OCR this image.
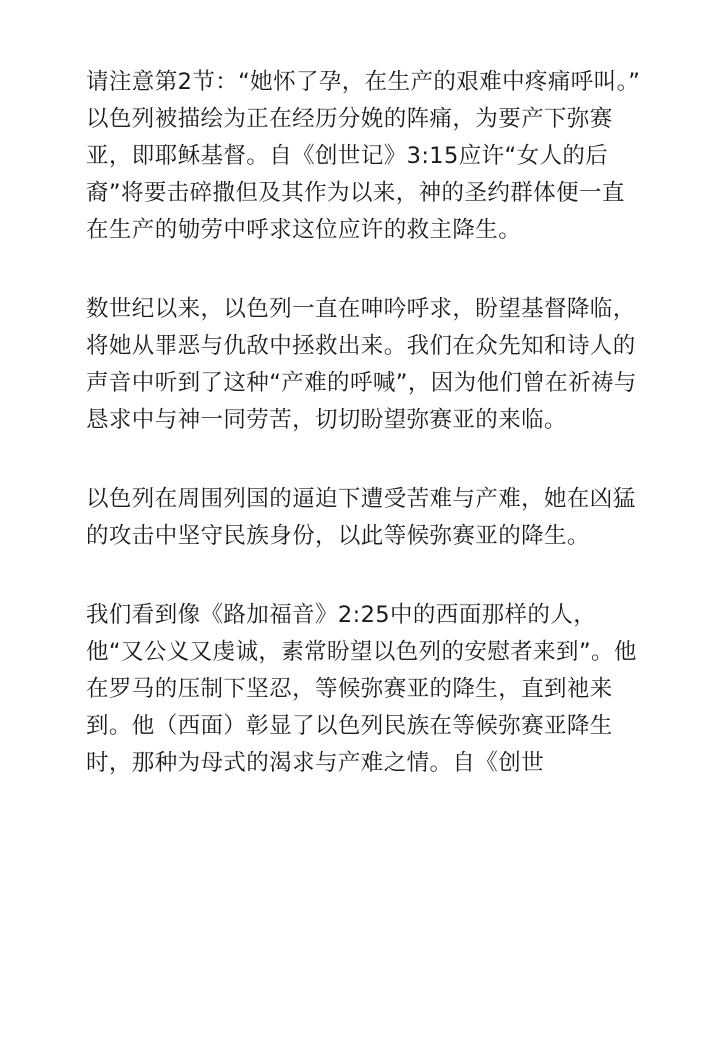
请注意第2节：“她怀了孕，在生产的艰难中疼痛呼叫。” 以色列被描绘为正在经历分娩的阵痛，为要产下弥赛亚，即耶稣基督。自《创世记》3:15应许“女人的后裔”将要击碎撒但及其作为以来，神的圣约群体便一直在生产的劬劳中呼求这位应许的救主降生。

数世纪以来，以色列一直在呻吟呼求，盼望基督降临，将她从罪恶与仇敌中拯救出来。我们在众先知和诗人的声音中听到了这种“产难的呼喊”，因为他们曾在祈祷与恳求中与神一同劳苦，切切盼望弥赛亚的来临。

以色列在周围列国的逼迫下遭受苦难与产难，她在凶猛的攻击中坚守民族身份，以此等候弥赛亚的降生。

我们看到像《路加福音》2:25中的西面那样的人，他“又公义又虔诚，素常盼望以色列的安慰者来到”。他在罗马的压制下坚忍，等候弥赛亚的降生，直到祂来到。他（西面）彰显了以色列民族在等候弥赛亚降生时，那种为母式的渴求与产难之情。自《创世
